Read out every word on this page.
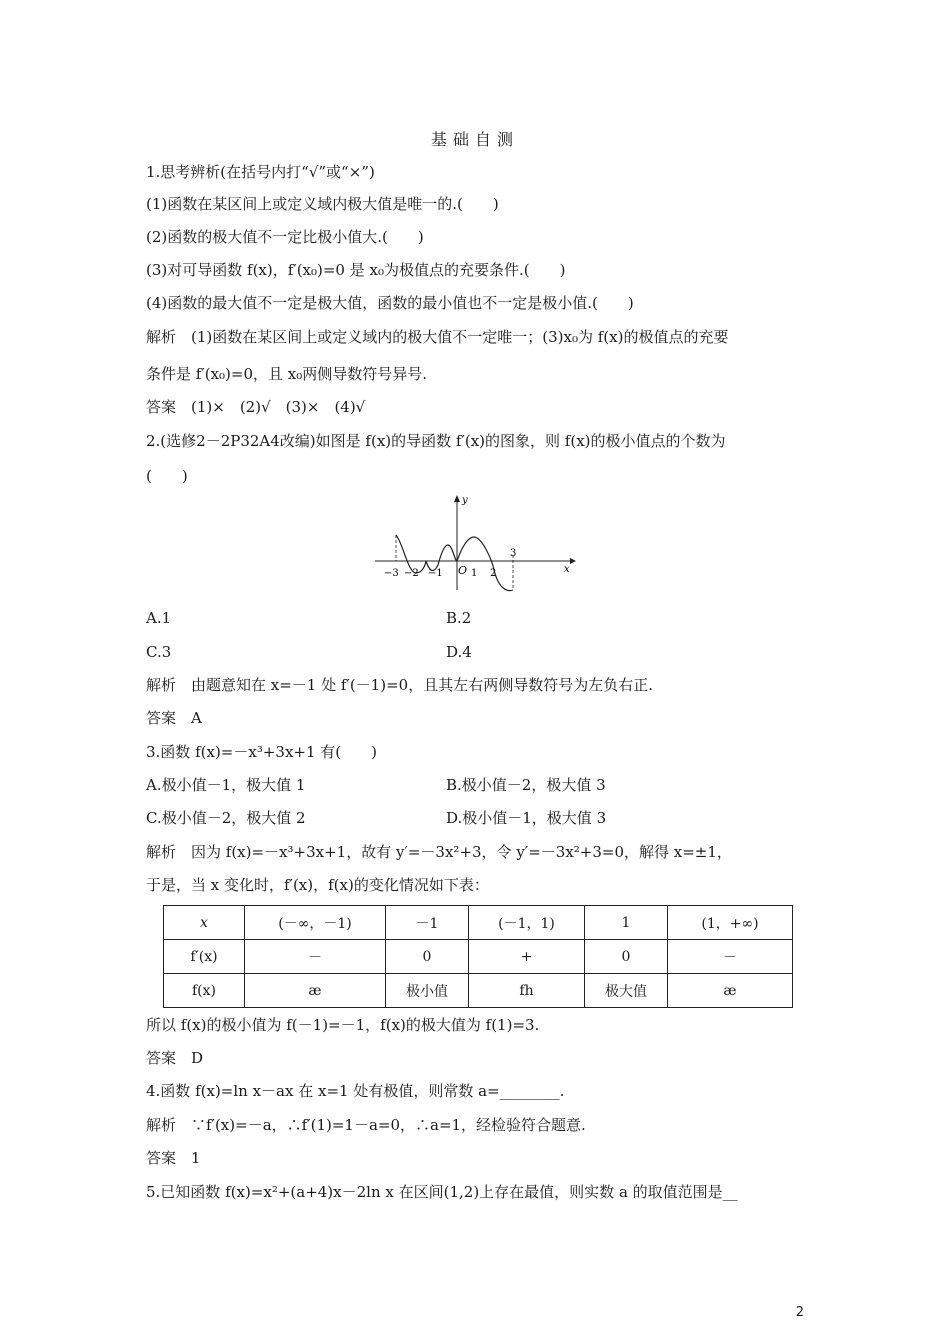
基础自测
1.思考辨析(在括号内打“√”或“×”)
(1)函数在某区间上或定义域内极大值是唯一的.(　　)
(2)函数的极大值不一定比极小值大.(　　)
(3)对可导函数 f(x)，f′(x₀)=0 是 x₀为极值点的充要条件.(　　)
(4)函数的最大值不一定是极大值，函数的最小值也不一定是极小值.(　　)
解析　(1)函数在某区间上或定义域内的极大值不一定唯一；(3)x₀为 f(x)的极值点的充要
条件是 f′(x₀)=0，且 x₀两侧导数符号异号.
答案　(1)×　(2)√　(3)×　(4)√
2.(选修2－2P32A4改编)如图是 f(x)的导函数 f′(x)的图象，则 f(x)的极小值点的个数为
(　　)
y
x
O
−3 −2 −1	1 2
3
A.1	B.2
C.3	D.4
解析　由题意知在 x=－1 处 f′(－1)=0，且其左右两侧导数符号为左负右正.
答案　A
3.函数 f(x)=－x³+3x+1 有(　　)
A.极小值－1，极大值 1	B.极小值－2，极大值 3
C.极小值－2，极大值 2	D.极小值－1，极大值 3
解析　因为 f(x)=－x³+3x+1，故有 y′=－3x²+3，令 y′=－3x²+3=0，解得 x=±1，
于是，当 x 变化时，f′(x)，f(x)的变化情况如下表：
x	(－∞，－1)	－1	(－1，1)	1	(1，+∞)
f′(x)	－	0	+	0	－
f(x)	æ	极小值	fh	极大值	æ
所以 f(x)的极小值为 f(－1)=－1，f(x)的极大值为 f(1)=3.
答案　D
4.函数 f(x)=ln x－ax 在 x=1 处有极值，则常数 a=________.
解析　∵f′(x)=－a，∴f′(1)=1－a=0，∴a=1，经检验符合题意.
答案　1
5.已知函数 f(x)=x²+(a+4)x－2ln x 在区间(1,2)上存在最值，则实数 a 的取值范围是__
2
